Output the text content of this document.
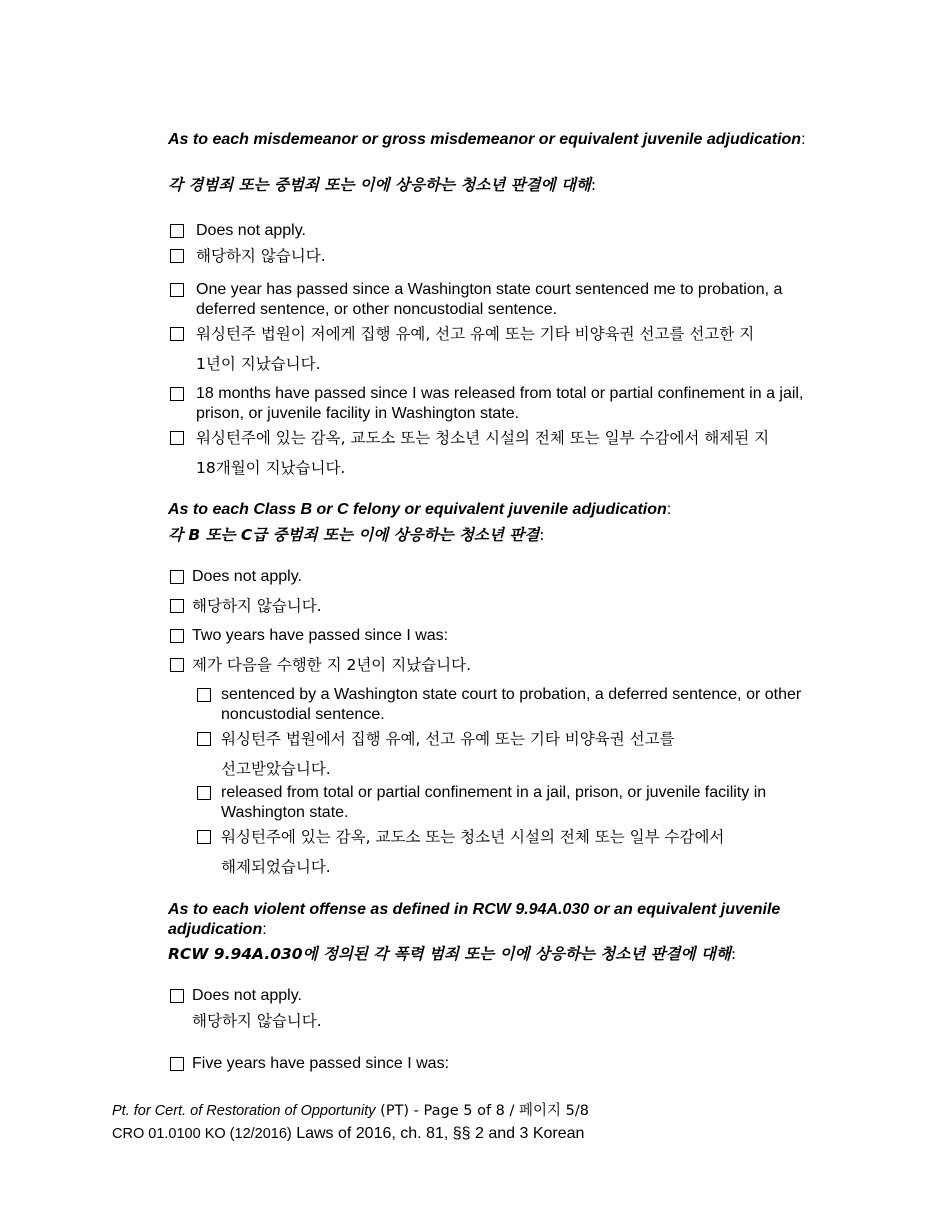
As to each misdemeanor or gross misdemeanor or equivalent juvenile adjudication:
각 경범죄 또는 중범죄 또는 이에 상응하는 청소년 판결에 대해:
Does not apply.
해당하지 않습니다.
One year has passed since a Washington state court sentenced me to probation, a deferred sentence, or other noncustodial sentence.
워싱턴주 법원이 저에게 집행 유예, 선고 유예 또는 기타 비양육권 선고를 선고한 지
1년이 지났습니다.
18 months have passed since I was released from total or partial confinement in a jail, prison, or juvenile facility in Washington state.
워싱턴주에 있는 감옥, 교도소 또는 청소년 시설의 전체 또는 일부 수감에서 해제된 지
18개월이 지났습니다.
As to each Class B or C felony or equivalent juvenile adjudication:
각 B 또는 C급 중범죄 또는 이에 상응하는 청소년 판결:
Does not apply.
해당하지 않습니다.
Two years have passed since I was:
제가 다음을 수행한 지 2년이 지났습니다.
sentenced by a Washington state court to probation, a deferred sentence, or other noncustodial sentence.
워싱턴주 법원에서 집행 유예, 선고 유예 또는 기타 비양육권 선고를
선고받았습니다.
released from total or partial confinement in a jail, prison, or juvenile facility in Washington state.
워싱턴주에 있는 감옥, 교도소 또는 청소년 시설의 전체 또는 일부 수감에서
해제되었습니다.
As to each violent offense as defined in RCW 9.94A.030 or an equivalent juvenile adjudication:
RCW 9.94A.030에 정의된 각 폭력 범죄 또는 이에 상응하는 청소년 판결에 대해:
Does not apply.
해당하지 않습니다.
Five years have passed since I was:
Pt. for Cert. of Restoration of Opportunity (PT) - Page 5 of 8 / 페이지 5/8
CRO 01.0100 KO (12/2016) Laws of 2016, ch. 81, §§ 2 and 3 Korean
